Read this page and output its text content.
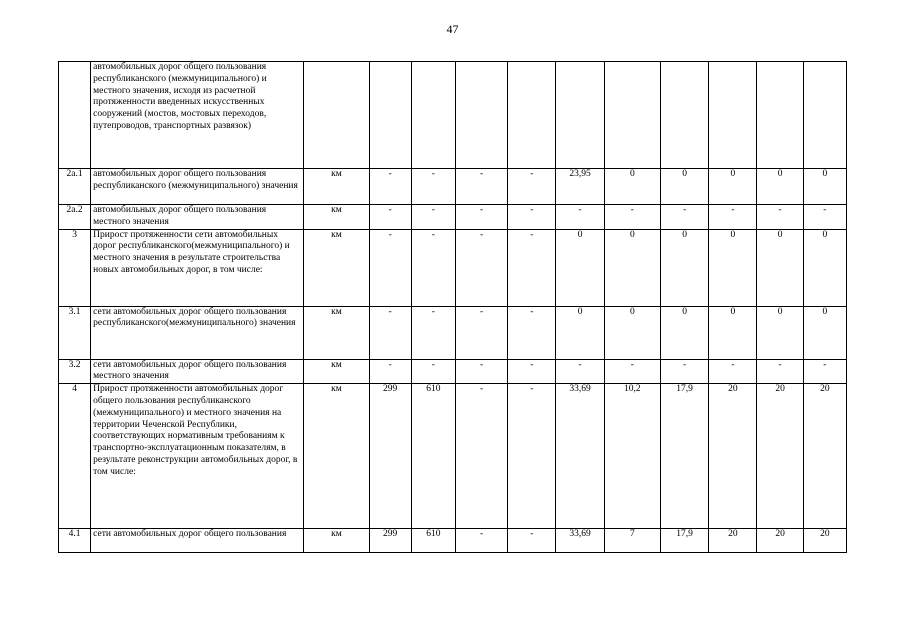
47
	автомобильных дорог общего пользования республиканского (межмуниципального) и местного значения, исходя из расчетной протяженности введенных искусственных сооружений (мостов, мостовых переходов, путепроводов, транспортных развязок)											
2а.1	автомобильных дорог общего пользования республиканского (межмуниципального) значения	км	-	-	-	-	23,95	0	0	0	0	0
2а.2	автомобильных дорог общего пользования местного значения	км	-	-	-	-	-	-	-	-	-	-
3	Прирост протяженности сети автомобильных дорог республиканского(межмуниципального) и местного значения в результате строительства новых автомобильных дорог, в том числе:	км	-	-	-	-	0	0	0	0	0	0
3.1	сети автомобильных дорог общего пользования республиканского(межмуниципального) значения	км	-	-	-	-	0	0	0	0	0	0
3.2	сети автомобильных дорог общего пользования местного значения	км	-	-	-	-	-	-	-	-	-	-
4	Прирост протяженности автомобильных дорог общего пользования республиканского (межмуниципального) и местного значения на территории Чеченской Республики, соответствующих нормативным требованиям к транспортно-эксплуатационным показателям, в результате реконструкции автомобильных дорог, в том числе:	км	299	610	-	-	33,69	10,2	17,9	20	20	20
4.1	сети автомобильных дорог общего пользования	км	299	610	-	-	33,69	7	17,9	20	20	20
